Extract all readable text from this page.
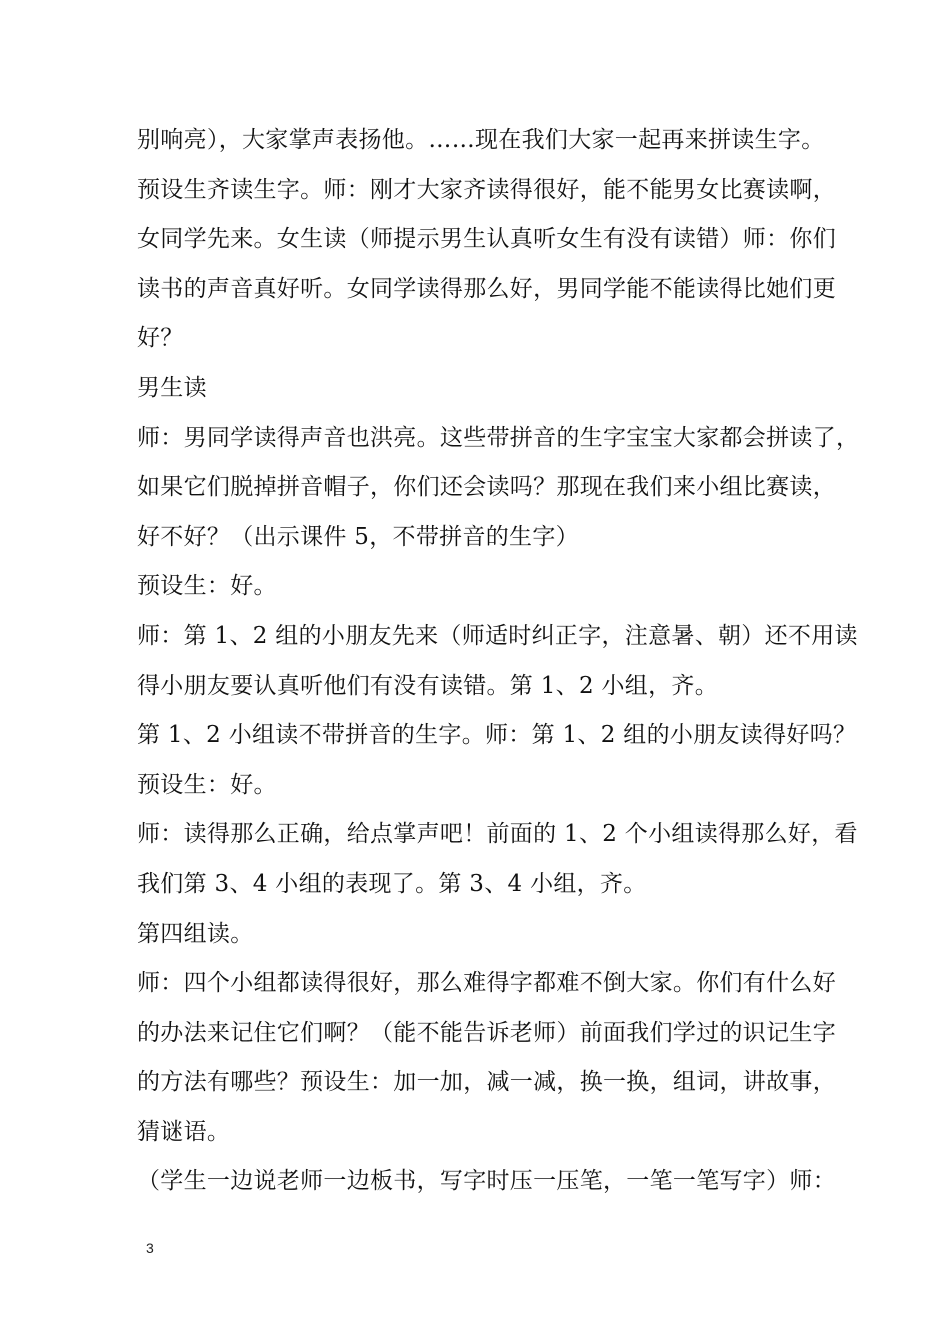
别响亮），大家掌声表扬他。……现在我们大家一起再来拼读生字。
预设生齐读生字。师：刚才大家齐读得很好，能不能男女比赛读啊，
女同学先来。女生读（师提示男生认真听女生有没有读错）师：你们
读书的声音真好听。女同学读得那么好，男同学能不能读得比她们更
好？
男生读
师：男同学读得声音也洪亮。这些带拼音的生字宝宝大家都会拼读了，
如果它们脱掉拼音帽子，你们还会读吗？那现在我们来小组比赛读，
好不好？（出示课件 5，不带拼音的生字）
预设生：好。
师：第 1、2 组的小朋友先来（师适时纠正字，注意暑、朝）还不用读
得小朋友要认真听他们有没有读错。第 1、2 小组，齐。
第 1、2 小组读不带拼音的生字。师：第 1、2 组的小朋友读得好吗？
预设生：好。
师：读得那么正确，给点掌声吧！前面的 1、2 个小组读得那么好，看
我们第 3、4 小组的表现了。第 3、4 小组，齐。
第四组读。
师：四个小组都读得很好，那么难得字都难不倒大家。你们有什么好
的办法来记住它们啊？（能不能告诉老师）前面我们学过的识记生字
的方法有哪些？预设生：加一加，减一减，换一换，组词，讲故事，
猜谜语。
（学生一边说老师一边板书，写字时压一压笔，一笔一笔写字）师：
3
